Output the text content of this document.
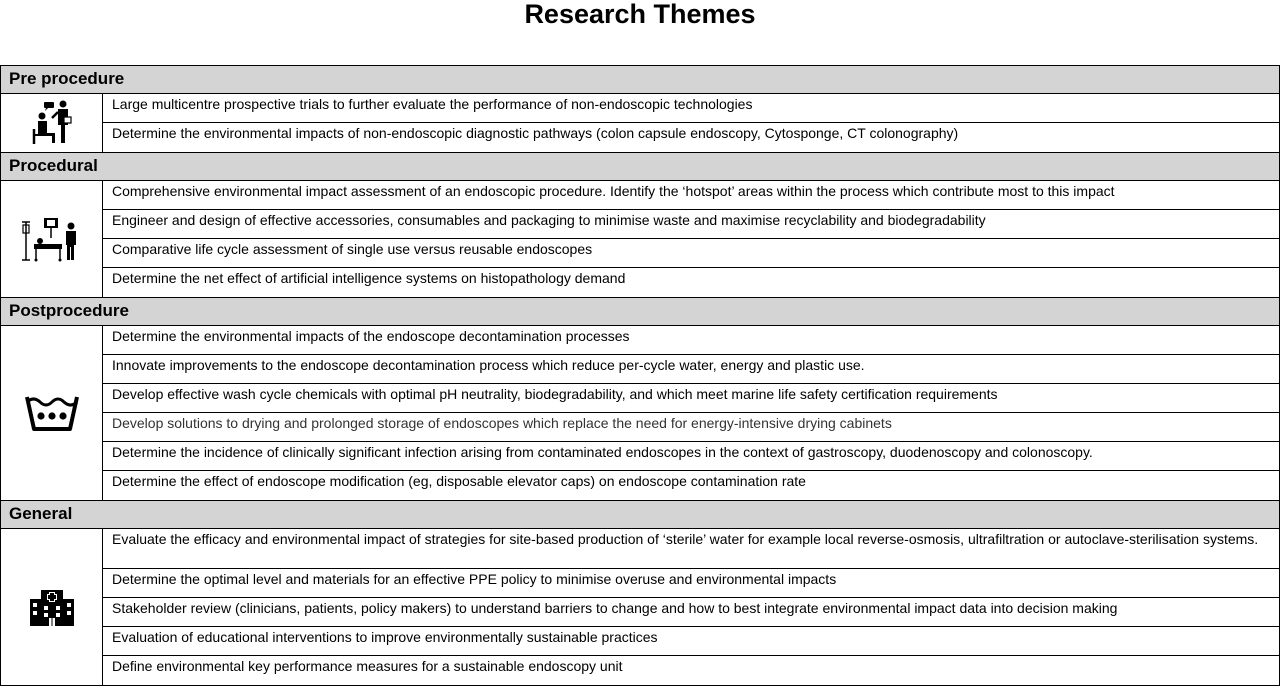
Research Themes
Pre procedure
Large multicentre prospective trials to further evaluate the performance of non-endoscopic technologies
Determine the environmental impacts of non-endoscopic diagnostic pathways (colon capsule endoscopy, Cytosponge, CT colonography)
Procedural
Comprehensive environmental impact assessment of an endoscopic procedure. Identify the ‘hotspot’ areas within the process which contribute most to this impact
Engineer and design of effective accessories, consumables and packaging to minimise waste and maximise recyclability and biodegradability
Comparative life cycle assessment of single use versus reusable endoscopes
Determine the net effect of artificial intelligence systems on histopathology demand
Postprocedure
Determine the environmental impacts of the endoscope decontamination processes
Innovate improvements to the endoscope decontamination process which reduce per-cycle water, energy and plastic use.
Develop effective wash cycle chemicals with optimal pH neutrality, biodegradability, and which meet marine life safety certification requirements
Develop solutions to drying and prolonged storage of endoscopes which replace the need for energy-intensive drying cabinets
Determine the incidence of clinically significant infection arising from contaminated endoscopes in the context of gastroscopy, duodenoscopy and colonoscopy.
Determine the effect of endoscope modification (eg, disposable elevator caps) on endoscope contamination rate
General
Evaluate the efficacy and environmental impact of strategies for site-based production of ‘sterile’ water for example local reverse-osmosis, ultrafiltration or autoclave-sterilisation systems.
Determine the optimal level and materials for an effective PPE policy to minimise overuse and environmental impacts
Stakeholder review (clinicians, patients, policy makers) to understand barriers to change and how to best integrate environmental impact data into decision making
Evaluation of educational interventions to improve environmentally sustainable practices
Define environmental key performance measures for a sustainable endoscopy unit
